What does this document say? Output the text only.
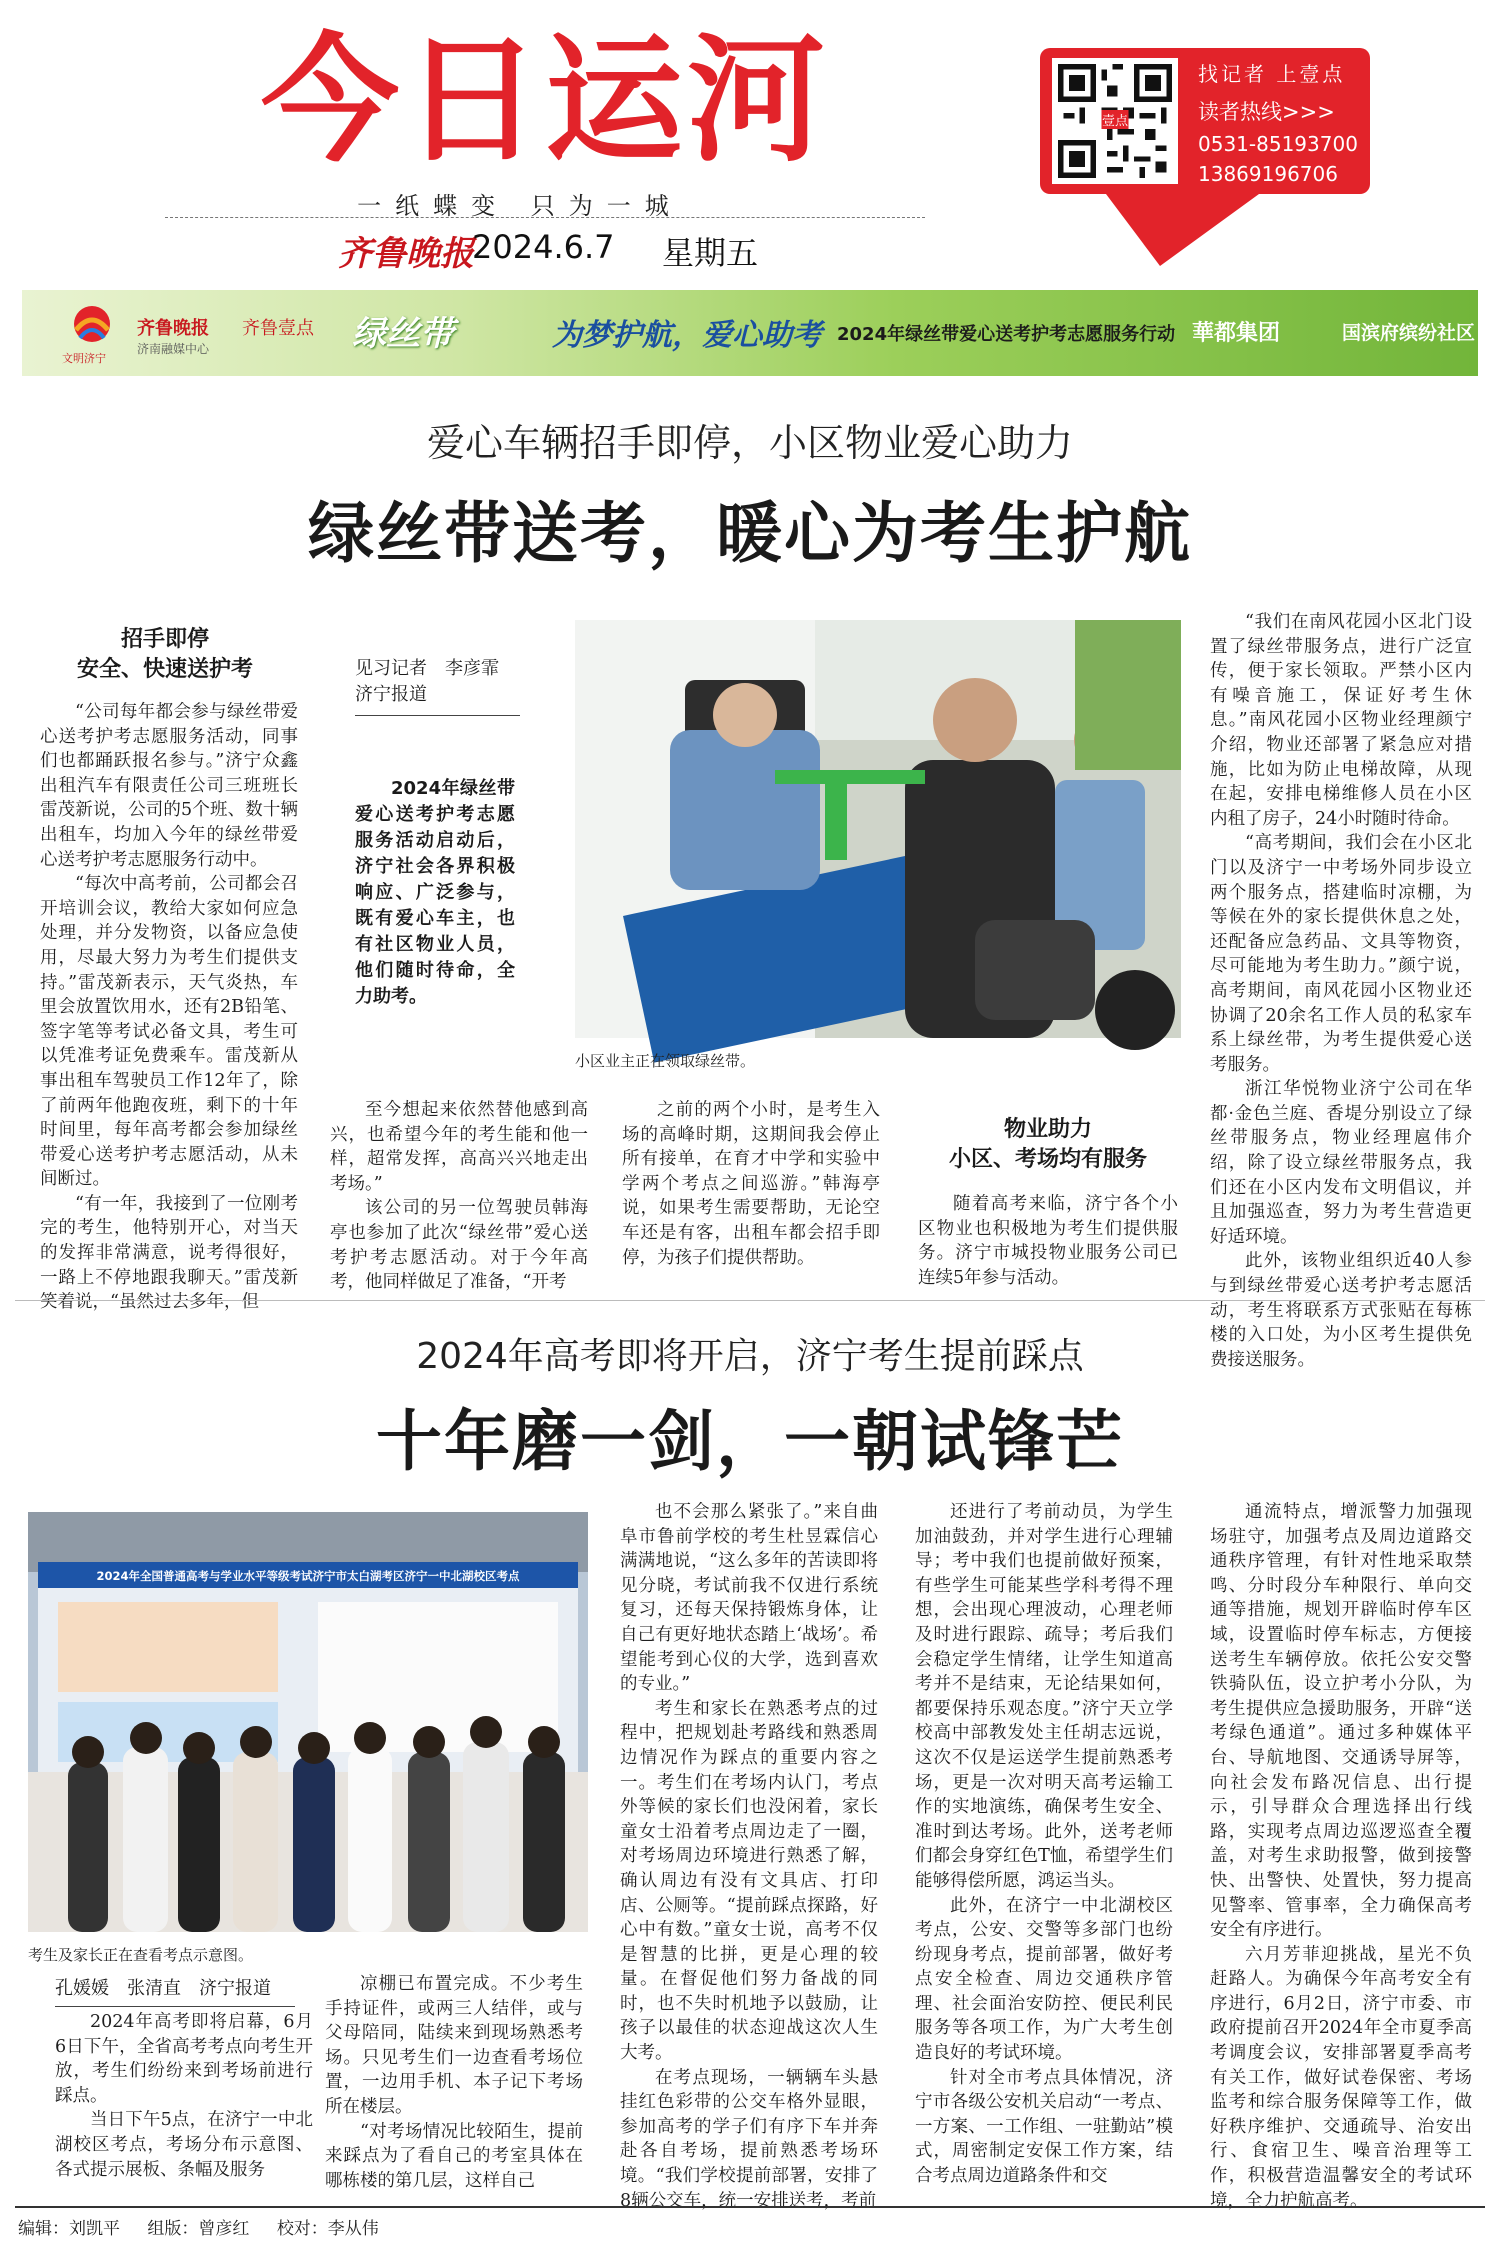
今日运河
一纸蝶变 只为一城
齐鲁晚报
2024.6.7 星期五
壹点
找记者 上壹点
读者热线>>>
0531-85193700
13869196706
文明济宁
齐鲁晚报
济南融媒中心
齐鲁壹点 绿丝带	为梦护航，爱心助考 2024年绿丝带爱心送考护考志愿服务行动 華都集团	国滨府缤纷社区
爱心车辆招手即停，小区物业爱心助力
绿丝带送考，暖心为考生护航
招手即停
安全、快速送护考

“公司每年都会参与绿丝带爱心送考护考志愿服务活动，同事们也都踊跃报名参与。”济宁众鑫出租汽车有限责任公司三班班长雷茂新说，公司的5个班、数十辆出租车，均加入今年的绿丝带爱心送考护考志愿服务行动中。

“每次中高考前，公司都会召开培训会议，教给大家如何应急处理，并分发物资，以备应急使用，尽最大努力为考生们提供支持。”雷茂新表示，天气炎热，车里会放置饮用水，还有2B铅笔、签字笔等考试必备文具，考生可以凭准考证免费乘车。雷茂新从事出租车驾驶员工作12年了，除了前两年他跑夜班，剩下的十年时间里，每年高考都会参加绿丝带爱心送考护考志愿活动，从未间断过。

“有一年，我接到了一位刚考完的考生，他特别开心，对当天的发挥非常满意，说考得很好，一路上不停地跟我聊天。”雷茂新笑着说，“虽然过去多年，但

见习记者　李彦霏
济宁报道
2024年绿丝带爱心送考护考志愿服务活动启动后，济宁社会各界积极响应、广泛参与，既有爱心车主，也有社区物业人员，他们随时待命，全力助考。
小区业主正在领取绿丝带。

至今想起来依然替他感到高兴，也希望今年的考生能和他一样，超常发挥，高高兴兴地走出考场。”

该公司的另一位驾驶员韩海亭也参加了此次“绿丝带”爱心送考护考志愿活动。对于今年高考，他同样做足了准备，“开考

之前的两个小时，是考生入场的高峰时期，这期间我会停止所有接单，在育才中学和实验中学两个考点之间巡游。”韩海亭说，如果考生需要帮助，无论空车还是有客，出租车都会招手即停，为孩子们提供帮助。

物业助力
小区、考场均有服务

随着高考来临，济宁各个小区物业也积极地为考生们提供服务。济宁市城投物业服务公司已连续5年参与活动。

“我们在南风花园小区北门设置了绿丝带服务点，进行广泛宣传，便于家长领取。严禁小区内有噪音施工，保证好考生休息。”南风花园小区物业经理颜宁介绍，物业还部署了紧急应对措施，比如为防止电梯故障，从现在起，安排电梯维修人员在小区内租了房子，24小时随时待命。

“高考期间，我们会在小区北门以及济宁一中考场外同步设立两个服务点，搭建临时凉棚，为等候在外的家长提供休息之处，还配备应急药品、文具等物资，尽可能地为考生助力。”颜宁说，高考期间，南风花园小区物业还协调了20余名工作人员的私家车系上绿丝带，为考生提供爱心送考服务。

浙江华悦物业济宁公司在华都·金色兰庭、香堤分别设立了绿丝带服务点，物业经理扈伟介绍，除了设立绿丝带服务点，我们还在小区内发布文明倡议，并且加强巡查，努力为考生营造更好适环境。

此外，该物业组织近40人参与到绿丝带爱心送考护考志愿活动，考生将联系方式张贴在每栋楼的入口处，为小区考生提供免费接送服务。

2024年高考即将开启，济宁考生提前踩点
十年磨一剑，一朝试锋芒
2024年全国普通高考与学业水平等级考试济宁市太白湖考区济宁一中北湖校区考点
考生及家长正在查看考点示意图。
孔媛媛　张清直　济宁报道

2024年高考即将启幕，6月6日下午，全省高考考点向考生开放，考生们纷纷来到考场前进行踩点。

当日下午5点，在济宁一中北湖校区考点，考场分布示意图、各式提示展板、条幅及服务

凉棚已布置完成。不少考生手持证件，或两三人结伴，或与父母陪同，陆续来到现场熟悉考场。只见考生们一边查看考场位置，一边用手机、本子记下考场所在楼层。

“对考场情况比较陌生，提前来踩点为了看自己的考室具体在哪栋楼的第几层，这样自己

也不会那么紧张了。”来自曲阜市鲁前学校的考生杜昱霖信心满满地说，“这么多年的苦读即将见分晓，考试前我不仅进行系统复习，还每天保持锻炼身体，让自己有更好地状态踏上‘战场’。希望能考到心仪的大学，选到喜欢的专业。”

考生和家长在熟悉考点的过程中，把规划赴考路线和熟悉周边情况作为踩点的重要内容之一。考生们在考场内认门，考点外等候的家长们也没闲着，家长童女士沿着考点周边走了一圈，对考场周边环境进行熟悉了解，确认周边有没有文具店、打印店、公厕等。“提前踩点探路，好心中有数。”童女士说，高考不仅是智慧的比拼，更是心理的较量。在督促他们努力备战的同时，也不失时机地予以鼓励，让孩子以最佳的状态迎战这次人生大考。

在考点现场，一辆辆车头悬挂红色彩带的公交车格外显眼，参加高考的学子们有序下车并奔赴各自考场，提前熟悉考场环境。“我们学校提前部署，安排了8辆公交车，统一安排送考，考前

还进行了考前动员，为学生加油鼓劲，并对学生进行心理辅导；考中我们也提前做好预案，有些学生可能某些学科考得不理想，会出现心理波动，心理老师及时进行跟踪、疏导；考后我们会稳定学生情绪，让学生知道高考并不是结束，无论结果如何，都要保持乐观态度。”济宁天立学校高中部教发处主任胡志远说，这次不仅是运送学生提前熟悉考场，更是一次对明天高考运输工作的实地演练，确保考生安全、准时到达考场。此外，送考老师们都会身穿红色T恤，希望学生们能够得偿所愿，鸿运当头。

此外，在济宁一中北湖校区考点，公安、交警等多部门也纷纷现身考点，提前部署，做好考点安全检查、周边交通秩序管理、社会面治安防控、便民利民服务等各项工作，为广大考生创造良好的考试环境。

针对全市考点具体情况，济宁市各级公安机关启动“一考点、一方案、一工作组、一驻勤站”模式，周密制定安保工作方案，结合考点周边道路条件和交

通流特点，增派警力加强现场驻守，加强考点及周边道路交通秩序管理，有针对性地采取禁鸣、分时段分车种限行、单向交通等措施，规划开辟临时停车区域，设置临时停车标志，方便接送考生车辆停放。依托公安交警铁骑队伍，设立护考小分队，为考生提供应急援助服务，开辟“送考绿色通道”。通过多种媒体平台、导航地图、交通诱导屏等，向社会发布路况信息、出行提示，引导群众合理选择出行线路，实现考点周边巡逻巡查全覆盖，对考生求助报警，做到接警快、出警快、处置快，努力提高见警率、管事率，全力确保高考安全有序进行。

六月芳菲迎挑战，星光不负赶路人。为确保今年高考安全有序进行，6月2日，济宁市委、市政府提前召开2024年全市夏季高考调度会议，安排部署夏季高考有关工作，做好试卷保密、考场监考和综合服务保障等工作，做好秩序维护、交通疏导、治安出行、食宿卫生、噪音治理等工作，积极营造温馨安全的考试环境，全力护航高考。

编辑：刘凯平 组版：曾彦红 校对：李从伟
